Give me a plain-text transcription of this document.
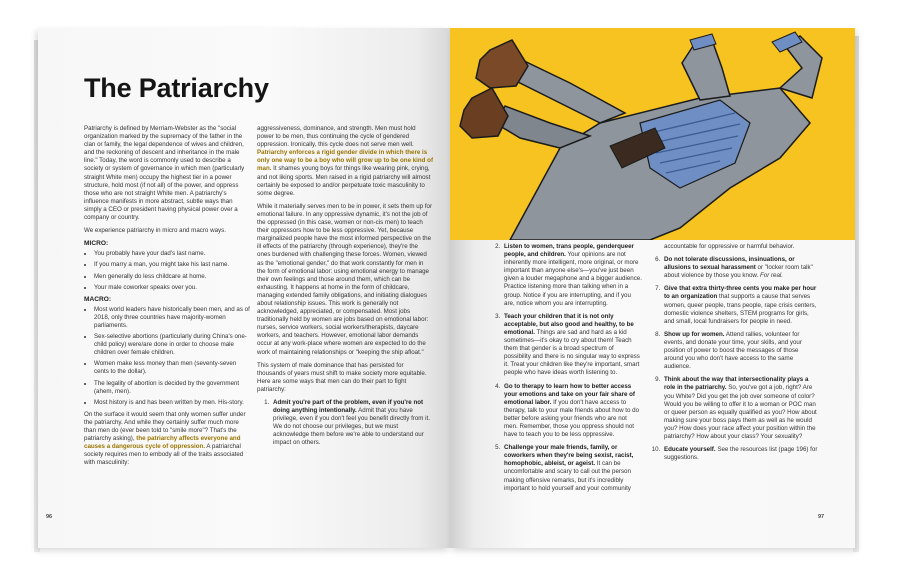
The Patriarchy

Patriarchy is defined by Merriam-Webster as the "social organization marked by the supremacy of the father in the clan or family, the legal dependence of wives and children, and the reckoning of descent and inheritance in the male line." Today, the word is commonly used to describe a society or system of governance in which men (particularly straight White men) occupy the highest tier in a power structure, hold most (if not all) of the power, and oppress those who are not straight White men. A patriarchy's influence manifests in more abstract, subtle ways than simply a CEO or president having physical power over a company or country.

We experience patriarchy in micro and macro ways.

MICRO:
• You probably have your dad's last name.
• If you marry a man, you might take his last name.
• Men generally do less childcare at home.
• Your male coworker speaks over you.
MACRO:
• Most world leaders have historically been men, and as of 2018, only three countries have majority-women parliaments.
• Sex-selective abortions (particularly during China's one-child policy) were/are done in order to choose male children over female children.
• Women make less money than men (seventy-seven cents to the dollar).
• The legality of abortion is decided by the government (ahem, men).
• Most history is and has been written by men. His-story.

On the surface it would seem that only women suffer under the patriarchy. And while they certainly suffer much more than men do (ever been told to "smile more"? That's the patriarchy asking), the patriarchy affects everyone and causes a dangerous cycle of oppression. A patriarchal society requires men to embody all of the traits associated with masculinity:

aggressiveness, dominance, and strength. Men must hold power to be men, thus continuing the cycle of gendered oppression. Ironically, this cycle does not serve men well. Patriarchy enforces a rigid gender divide in which there is only one way to be a boy who will grow up to be one kind of man. It shames young boys for things like wearing pink, crying, and not liking sports. Men raised in a rigid patriarchy will almost certainly be exposed to and/or perpetuate toxic masculinity to some degree.

While it materially serves men to be in power, it sets them up for emotional failure. In any oppressive dynamic, it's not the job of the oppressed (in this case, women or non-cis men) to teach their oppressors how to be less oppressive. Yet, because marginalized people have the most informed perspective on the ill effects of the patriarchy (through experience), they're the ones burdened with challenging these forces. Women, viewed as the "emotional gender," do that work constantly for men in the form of emotional labor: using emotional energy to manage their own feelings and those around them, which can be exhausting. It happens at home in the form of childcare, managing extended family obligations, and initiating dialogues about relationship issues. This work is generally not acknowledged, appreciated, or compensated. Most jobs traditionally held by women are jobs based on emotional labor: nurses, service workers, social workers/therapists, daycare workers, and teachers. However, emotional labor demands occur at any work-place where women are expected to do the work of maintaining relationships or "keeping the ship afloat."

This system of male dominance that has persisted for thousands of years must shift to make society more equitable. Here are some ways that men can do their part to fight patriarchy:

1. Admit you're part of the problem, even if you're not doing anything intentionally. Admit that you have privilege, even if you don't feel you benefit directly from it. We do not choose our privileges, but we must acknowledge them before we're able to understand our impact on others.
96
2. Listen to women, trans people, genderqueer people, and children. Your opinions are not inherently more intelligent, more original, or more important than anyone else's—you've just been given a louder megaphone and a bigger audience. Practice listening more than talking when in a group. Notice if you are interrupting, and if you are, notice whom you are interrupting.
3. Teach your children that it is not only acceptable, but also good and healthy, to be emotional. Things are sad and hard as a kid sometimes—it's okay to cry about them! Teach them that gender is a broad spectrum of possibility and there is no singular way to express it. Treat your children like they're important, smart people who have ideas worth listening to.
4. Go to therapy to learn how to better access your emotions and take on your fair share of emotional labor. If you don't have access to therapy, talk to your male friends about how to do better before asking your friends who are not men. Remember, those you oppress should not have to teach you to be less oppressive.
5. Challenge your male friends, family, or coworkers when they're being sexist, racist, homophobic, ableist, or ageist. It can be uncomfortable and scary to call out the person making offensive remarks, but it's incredibly important to hold yourself and your community

accountable for oppressive or harmful behavior.

6. Do not tolerate discussions, insinuations, or allusions to sexual harassment or "locker room talk" about violence by those you know. For real.
7. Give that extra thirty-three cents you make per hour to an organization that supports a cause that serves women, queer people, trans people, rape crisis centers, domestic violence shelters, STEM programs for girls, and small, local fundraisers for people in need.
8. Show up for women. Attend rallies, volunteer for events, and donate your time, your skills, and your position of power to boost the messages of those around you who don't have access to the same audience.
9. Think about the way that intersectionality plays a role in the patriarchy. So, you've got a job, right? Are you White? Did you get the job over someone of color? Would you be willing to offer it to a woman or POC man or queer person as equally qualified as you? How about making sure your boss pays them as well as he would you? How does your race affect your position within the patriarchy? How about your class? Your sexuality?
10. Educate yourself. See the resources list (page 196) for suggestions.
97
